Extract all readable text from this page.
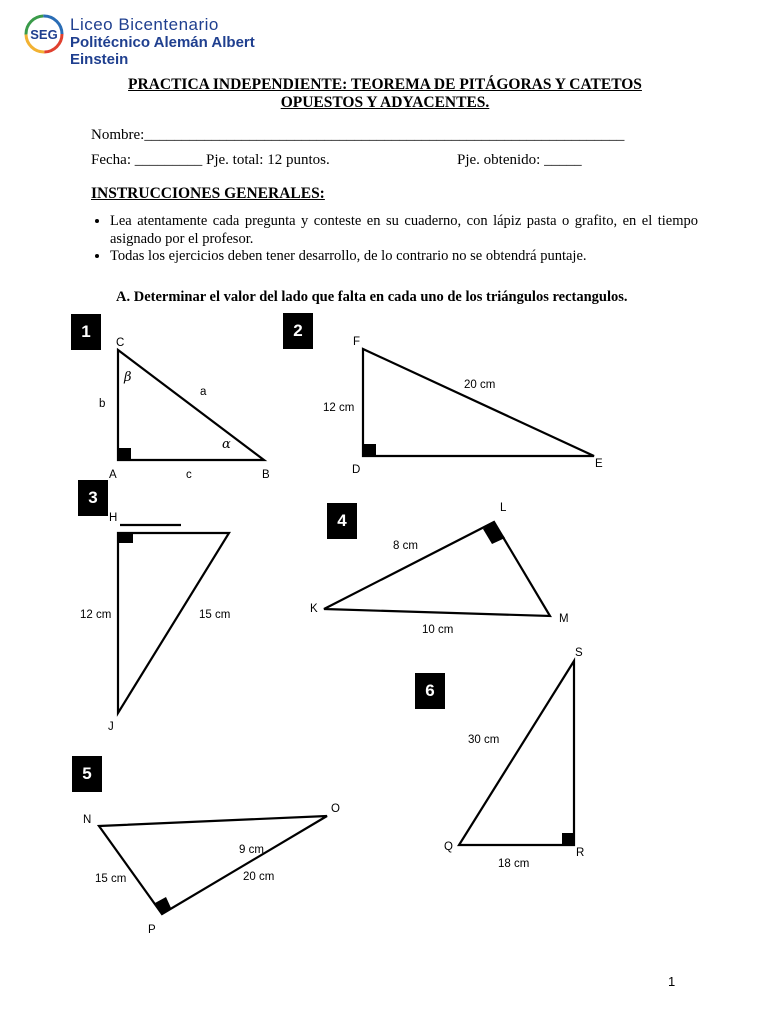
SEG
Liceo Bicentenario
Politécnico Alemán Albert Einstein
PRACTICA INDEPENDIENTE: TEOREMA DE PITÁGORAS Y CATETOS
OPUESTOS Y ADYACENTES.
Nombre:________________________________________________________________
Fecha: _________ Pje. total: 12 puntos.	Pje. obtenido: _____
INSTRUCCIONES GENERALES:
• Lea atentamente cada pregunta y conteste en su cuaderno, con lápiz pasta o grafito, en el tiempo asignado por el profesor.
• Todas los ejercicios deben tener desarrollo, de lo contrario no se obtendrá puntaje.
A. Determinar el valor del lado que falta en cada uno de los triángulos rectangulos.
1	2
3
4
5
6
C
A	B
a
b
c
β
α
F
D	E
20 cm
12 cm
H
J
12 cm	15 cm
L
K
M
8 cm
10 cm
N
O
P
9 cm
15 cm	20 cm
S
Q	R
30 cm
18 cm
1
